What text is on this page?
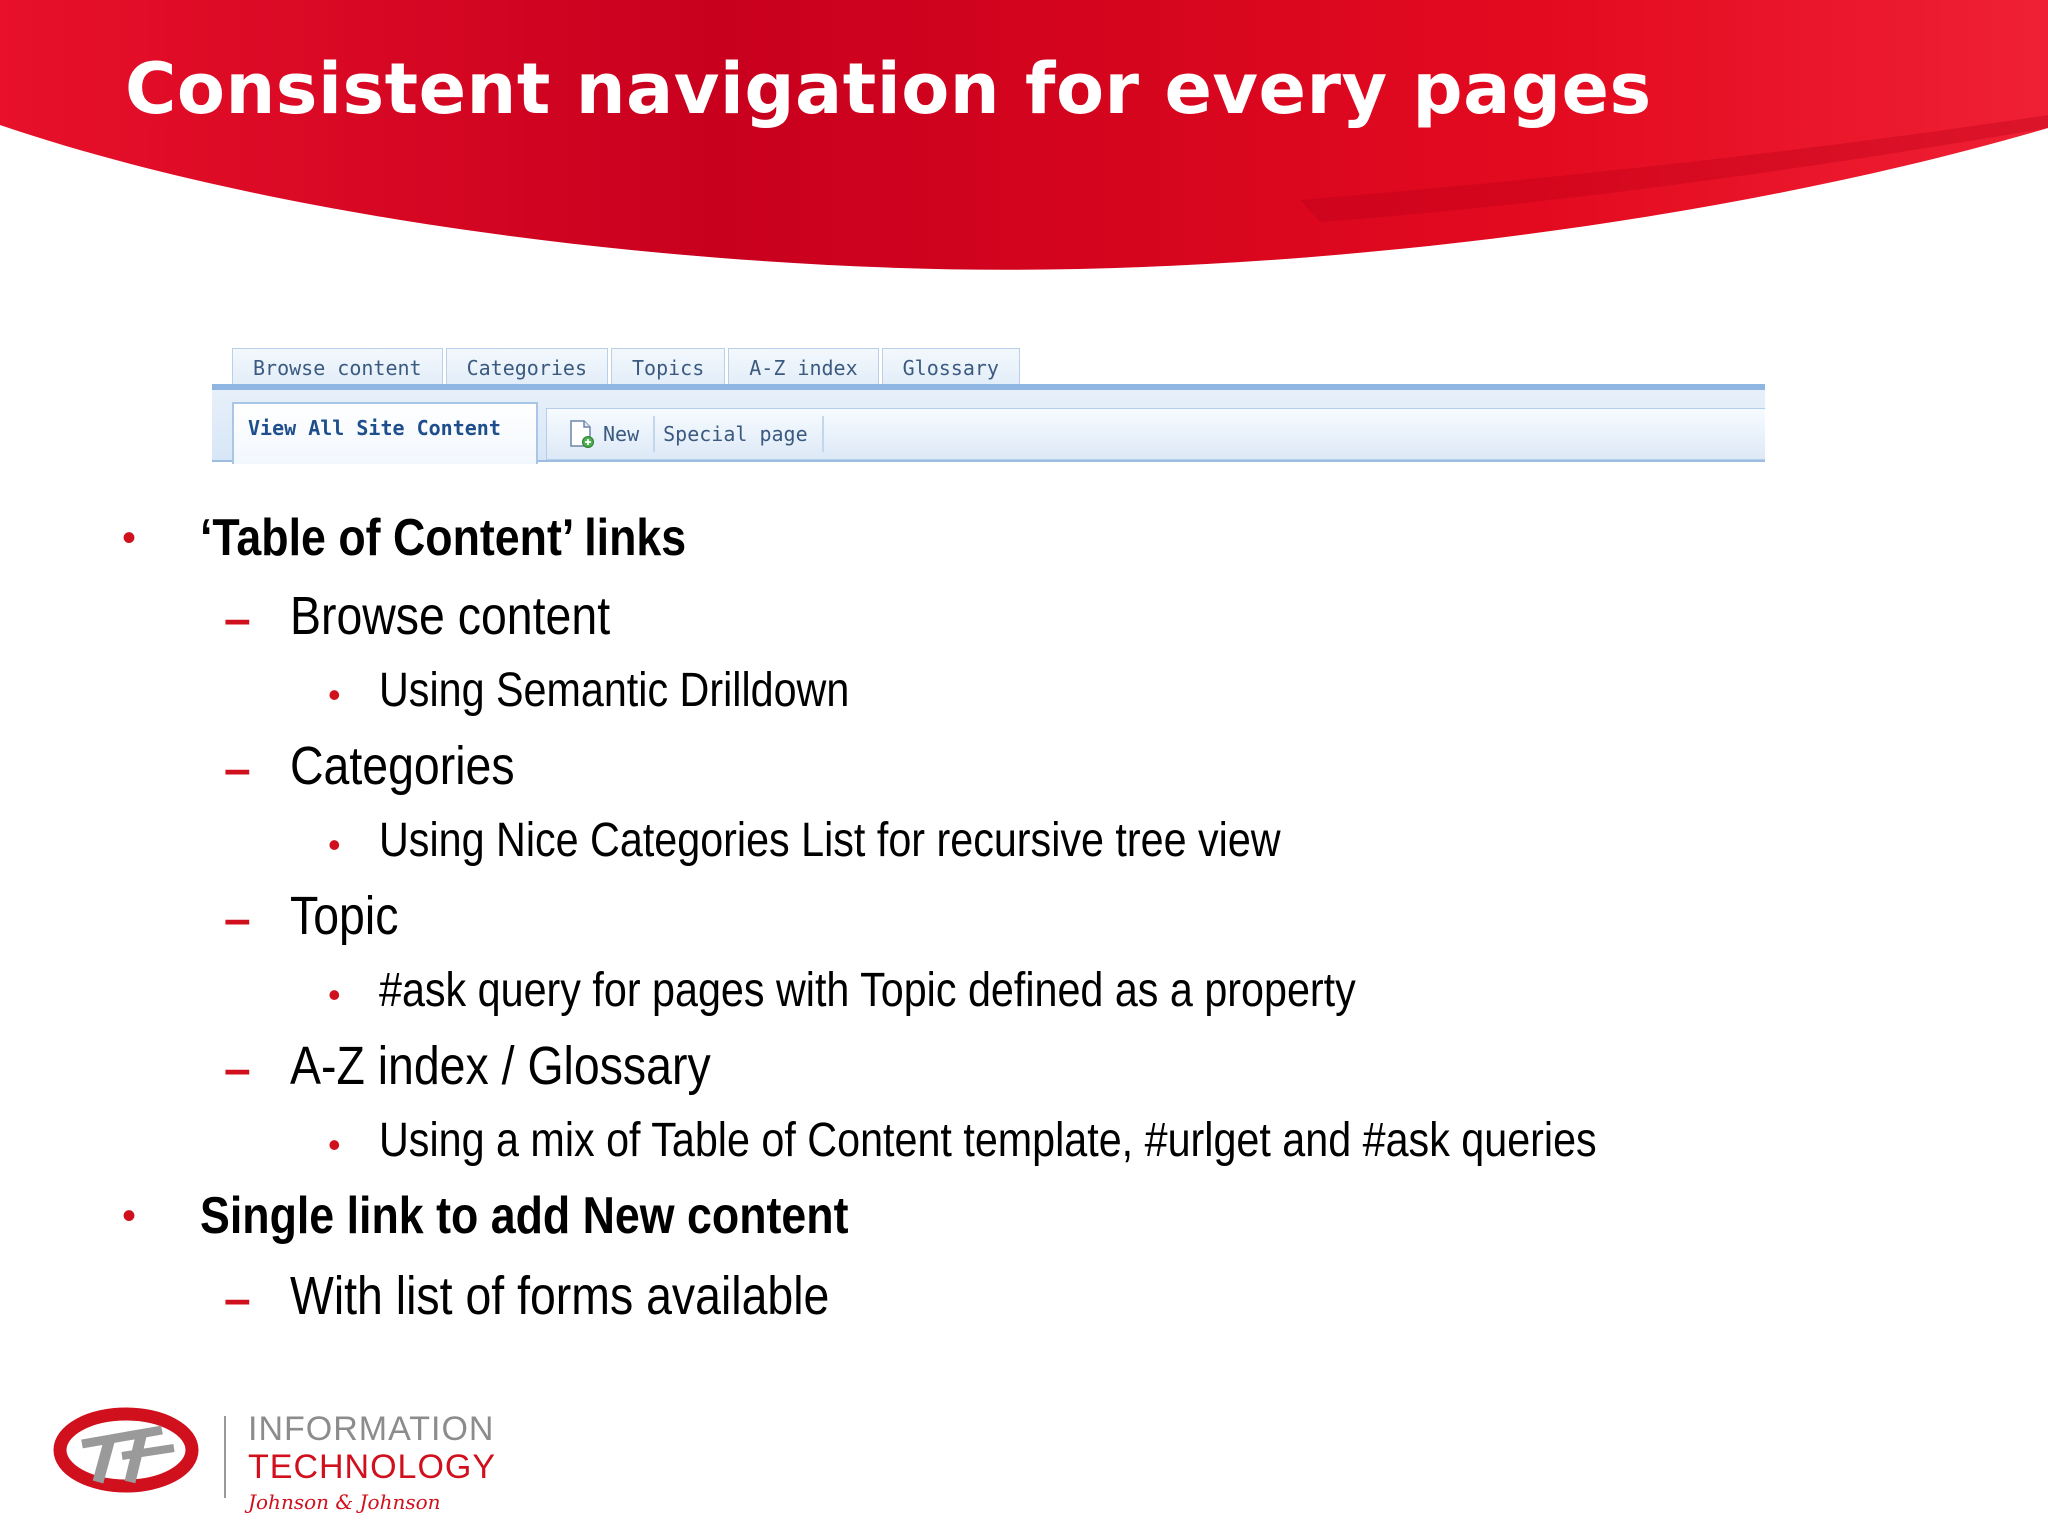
Consistent navigation for every pages
Browse content	Categories	Topics	A-Z index	Glossary
View All Site Content	New Special page
• ‘Table of Content’ links
– Browse content
• Using Semantic Drilldown
– Categories
• Using Nice Categories List for recursive tree view
– Topic
• #ask query for pages with Topic defined as a property
– A-Z index / Glossary
• Using a mix of Table of Content template, #urlget and #ask queries
• Single link to add New content
– With list of forms available
INFORMATION
TECHNOLOGY
Johnson & Johnson
